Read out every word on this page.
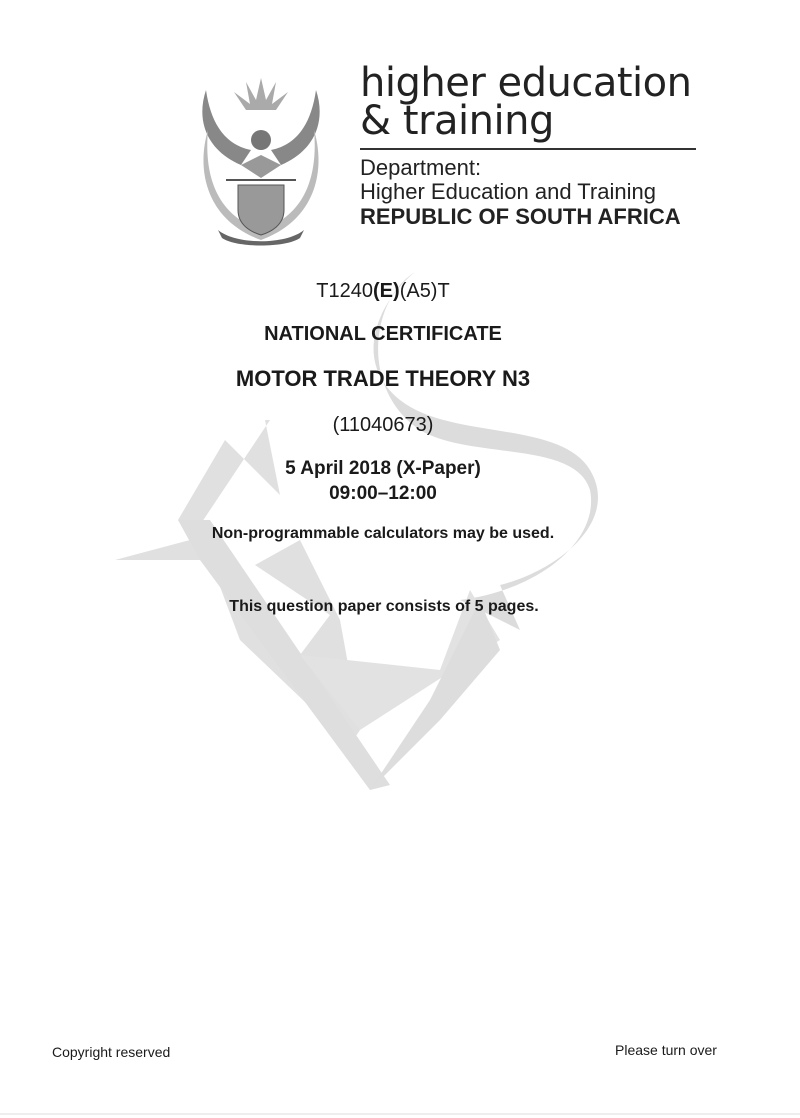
higher education
& training
Department:
Higher Education and Training
REPUBLIC OF SOUTH AFRICA
T1240(E)(A5)T
NATIONAL CERTIFICATE
MOTOR TRADE THEORY N3
(11040673)
5 April 2018 (X-Paper)
09:00–12:00
Non-programmable calculators may be used.
This question paper consists of 5 pages.
Copyright reserved	Please turn over
